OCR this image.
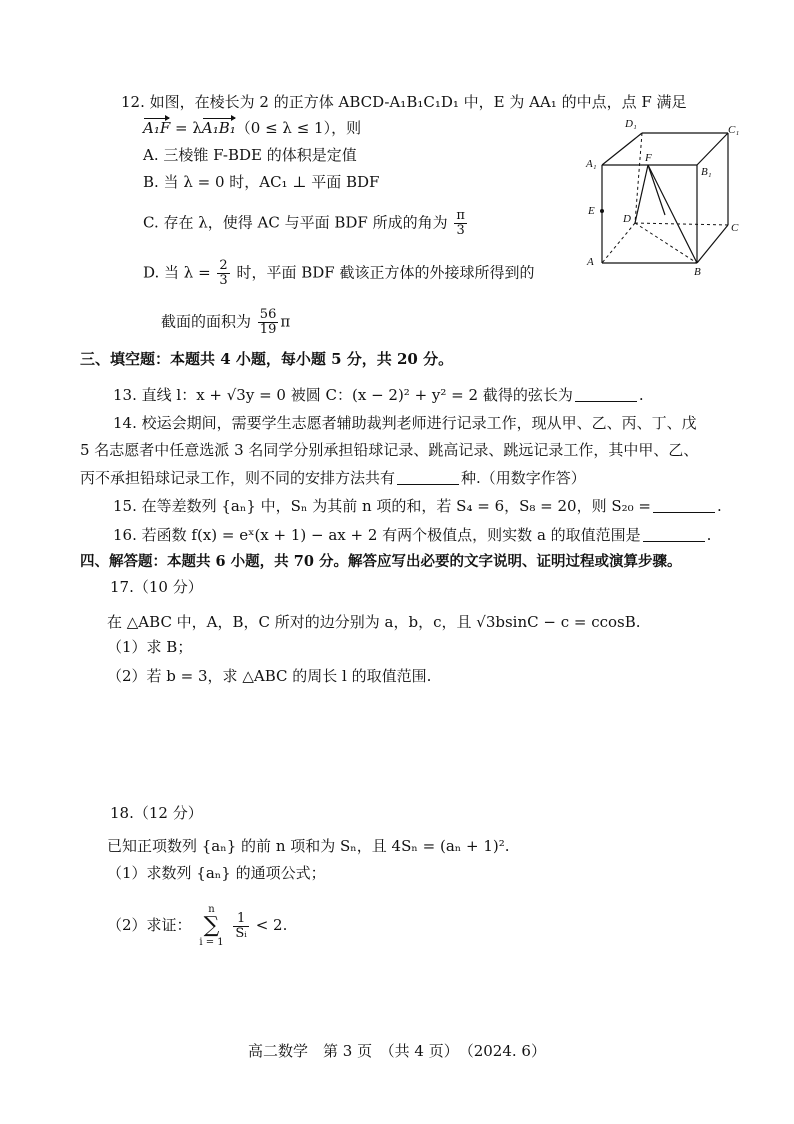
12. 如图，在棱长为 2 的正方体 ABCD-A₁B₁C₁D₁ 中，E 为 AA₁ 的中点，点 F 满足
A₁F = λA₁B₁（0 ≤ λ ≤ 1），则
A. 三棱锥 F-BDE 的体积是定值
B. 当 λ = 0 时，AC₁ ⊥ 平面 BDF
C. 存在 λ，使得 AC 与平面 BDF 所成的角为 $\frac{\pi}{3}$
D. 当 $\lambda = \frac{2}{3}$ 时，平面 BDF 截该正方体的外接球所得到的
截面的面积为 $\frac{56}{19}$ π
A
B
C
D
A₁
B₁
C₁
D₁
E
F
三、填空题：本题共 4 小题，每小题 5 分，共 20 分。
13. 直线 l：x + √3y = 0 被圆 C：(x − 2)² + y² = 2 截得的弦长为	.
14. 校运会期间，需要学生志愿者辅助裁判老师进行记录工作，现从甲、乙、丙、丁、戊
5 名志愿者中任意选派 3 名同学分别承担铅球记录、跳高记录、跳远记录工作，其中甲、乙、
丙不承担铅球记录工作，则不同的安排方法共有	种.（用数字作答）
15. 在等差数列 {aₙ} 中，Sₙ 为其前 n 项的和，若 S₄ = 6，S₈ = 20，则 S₂₀ =	.
16. 若函数 f(x) = eˣ(x + 1) − ax + 2 有两个极值点，则实数 a 的取值范围是	.
四、解答题：本题共 6 小题，共 70 分。解答应写出必要的文字说明、证明过程或演算步骤。
17.（10 分）
在 △ABC 中，A，B，C 所对的边分别为 a，b，c，且 √3bsinC − c = ccosB.
（1）求 B；
（2）若 b = 3，求 △ABC 的周长 l 的取值范围.
18.（12 分）
已知正项数列 {aₙ} 的前 n 项和为 Sₙ，且 4Sₙ = (aₙ + 1)².
（1）求数列 {aₙ} 的通项公式；
（2）求证： n
∑
i = 1
$\frac{1}{\text{Sᵢ}} < 2$.
高二数学　第 3 页　（共 4 页）　（2024. 6）
